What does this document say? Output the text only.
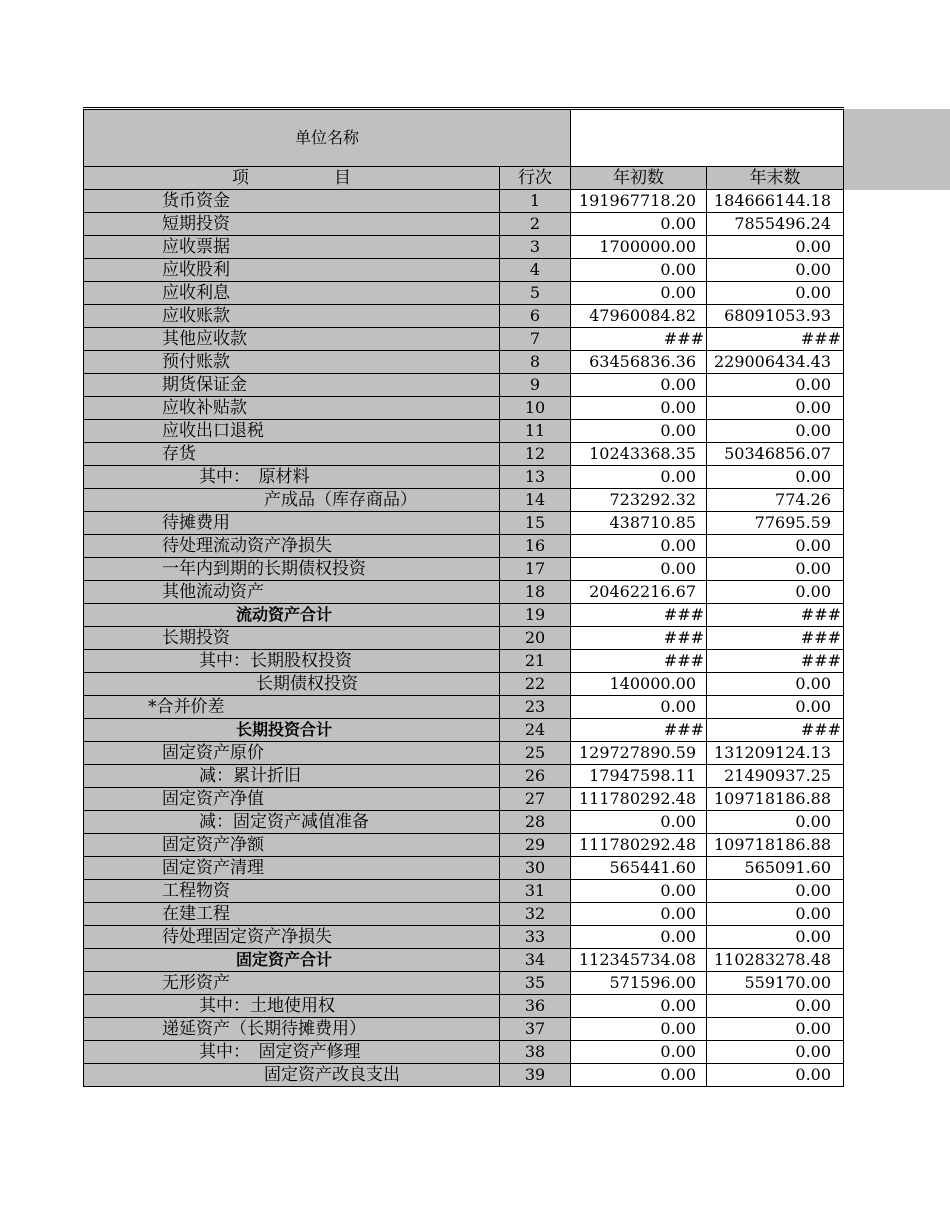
单位名称			
项　　　　　目	行次	年初数	年末数
货币资金	1	191967718.20	184666144.18
短期投资	2	0.00	7855496.24
应收票据	3	1700000.00	0.00
应收股利	4	0.00	0.00
应收利息	5	0.00	0.00
应收账款	6	47960084.82	68091053.93
其他应收款	7	###	###
预付账款	8	63456836.36	229006434.43
期货保证金	9	0.00	0.00
应收补贴款	10	0.00	0.00
应收出口退税	11	0.00	0.00
存货	12	10243368.35	50346856.07
其中：　原材料	13	0.00	0.00
产成品（库存商品）	14	723292.32	774.26
待摊费用	15	438710.85	77695.59
待处理流动资产净损失	16	0.00	0.00
一年内到期的长期债权投资	17	0.00	0.00
其他流动资产	18	20462216.67	0.00
流动资产合计	19	###	###
长期投资	20	###	###
其中：长期股权投资	21	###	###
长期债权投资	22	140000.00	0.00
*合并价差	23	0.00	0.00
长期投资合计	24	###	###
固定资产原价	25	129727890.59	131209124.13
减：累计折旧	26	17947598.11	21490937.25
固定资产净值	27	111780292.48	109718186.88
减：固定资产减值准备	28	0.00	0.00
固定资产净额	29	111780292.48	109718186.88
固定资产清理	30	565441.60	565091.60
工程物资	31	0.00	0.00
在建工程	32	0.00	0.00
待处理固定资产净损失	33	0.00	0.00
固定资产合计	34	112345734.08	110283278.48
无形资产	35	571596.00	559170.00
其中：土地使用权	36	0.00	0.00
递延资产（长期待摊费用）	37	0.00	0.00
其中：　固定资产修理	38	0.00	0.00
固定资产改良支出	39	0.00	0.00
